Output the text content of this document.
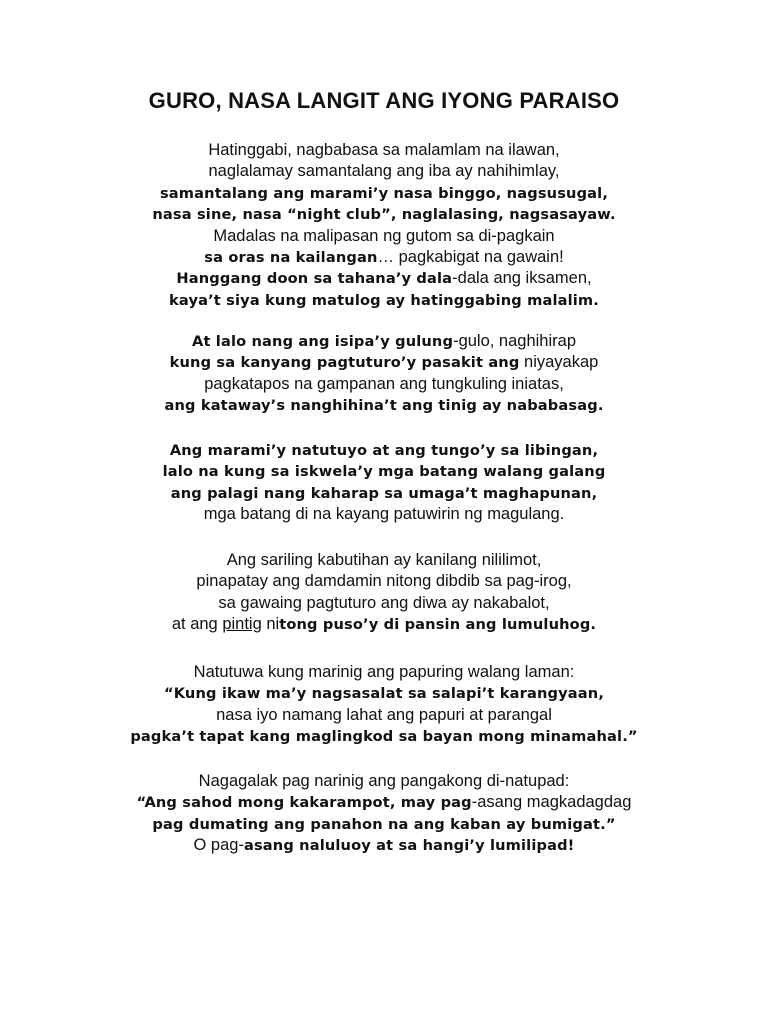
GURO, NASA LANGIT ANG IYONG PARAISO
Hatinggabi, nagbabasa sa malamlam na ilawan,
naglalamay samantalang ang iba ay nahihimlay,
samantalang ang marami’y nasa binggo, nagsusugal,
nasa sine, nasa “night club”, naglalasing, nagsasayaw.
Madalas na malipasan ng gutom sa di-pagkain
sa oras na kailangan… pagkabigat na gawain!
Hanggang doon sa tahana’y dala-dala ang iksamen,
kaya’t siya kung matulog ay hatinggabing malalim.
At lalo nang ang isipa’y gulung-gulo, naghihirap
kung sa kanyang pagtuturo’y pasakit ang niyayakap
pagkatapos na gampanan ang tungkuling iniatas,
ang kataway’s nanghihina’t ang tinig ay nababasag.
Ang marami’y natutuyo at ang tungo’y sa libingan,
lalo na kung sa iskwela’y mga batang walang galang
ang palagi nang kaharap sa umaga’t maghapunan,
mga batang di na kayang patuwirin ng magulang.
Ang sariling kabutihan ay kanilang nililimot,
pinapatay ang damdamin nitong dibdib sa pag-irog,
sa gawaing pagtuturo ang diwa ay nakabalot,
at ang pintig nitong puso’y di pansin ang lumuluhog.
Natutuwa kung marinig ang papuring walang laman:
“Kung ikaw ma’y nagsasalat sa salapi’t karangyaan,
nasa iyo namang lahat ang papuri at parangal
pagka’t tapat kang maglingkod sa bayan mong minamahal.”
Nagagalak pag narinig ang pangakong di-natupad:
“Ang sahod mong kakarampot, may pag-asang magkadagdag
pag dumating ang panahon na ang kaban ay bumigat.”
O pag-asang naluluoy at sa hangi’y lumilipad!
